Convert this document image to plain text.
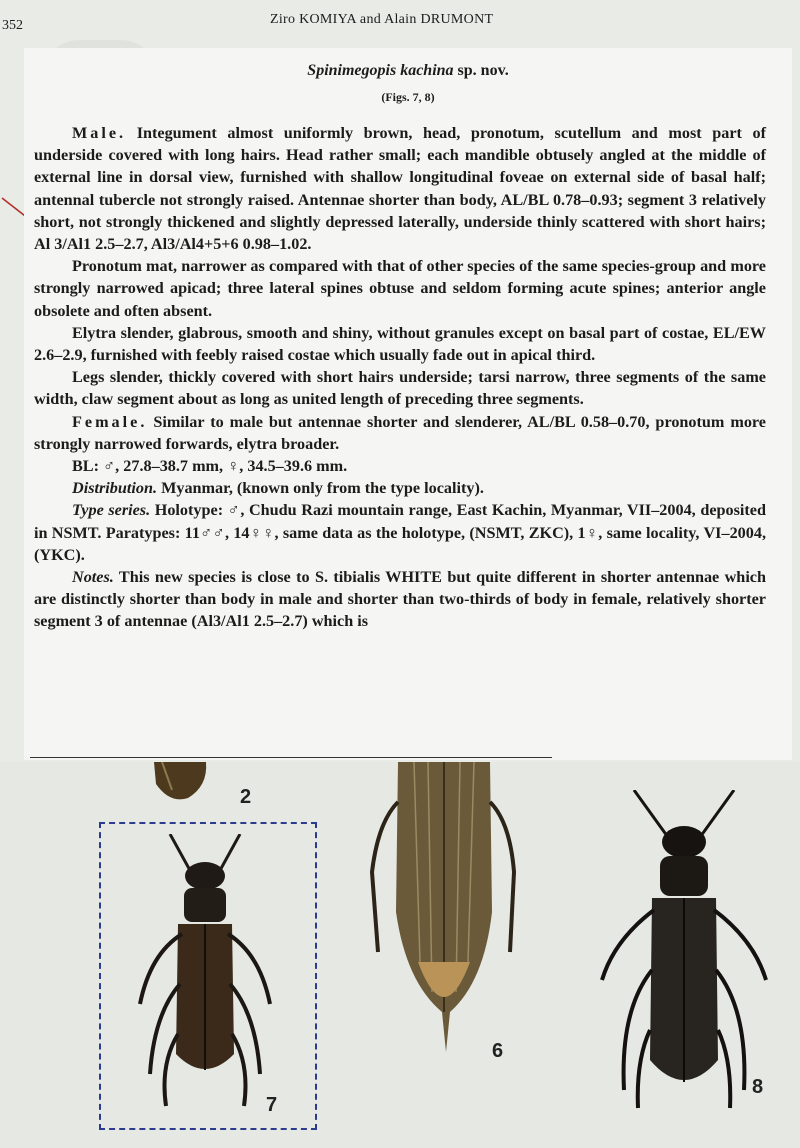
352	Ziro KOMIYA and Alain DRUMONT
Spinimegopis kachina sp. nov.
(Figs. 7, 8)

Male. Integument almost uniformly brown, head, pronotum, scutellum and most part of underside covered with long hairs. Head rather small; each mandible obtusely angled at the middle of external line in dorsal view, furnished with shallow longitudinal foveae on external side of basal half; antennal tubercle not strongly raised. Antennae shorter than body, AL/BL 0.78–0.93; segment 3 relatively short, not strongly thickened and slightly depressed laterally, underside thinly scattered with short hairs; Al 3/Al1 2.5–2.7, Al3/Al4+5+6 0.98–1.02.

Pronotum mat, narrower as compared with that of other species of the same species-group and more strongly narrowed apicad; three lateral spines obtuse and seldom forming acute spines; anterior angle obsolete and often absent.

Elytra slender, glabrous, smooth and shiny, without granules except on basal part of costae, EL/EW 2.6–2.9, furnished with feebly raised costae which usually fade out in apical third.

Legs slender, thickly covered with short hairs underside; tarsi narrow, three segments of the same width, claw segment about as long as united length of preceding three segments.

Female. Similar to male but antennae shorter and slenderer, AL/BL 0.58–0.70, pronotum more strongly narrowed forwards, elytra broader.

BL: ♂, 27.8–38.7 mm, ♀, 34.5–39.6 mm.

Distribution. Myanmar, (known only from the type locality).

Type series. Holotype: ♂, Chudu Razi mountain range, East Kachin, Myanmar, VII–2004, deposited in NSMT. Paratypes: 11♂♂, 14♀♀, same data as the holotype, (NSMT, ZKC), 1♀, same locality, VI–2004, (YKC).

Notes. This new species is close to S. tibialis WHITE but quite different in shorter antennae which are distinctly shorter than body in male and shorter than two-thirds of body in female, relatively shorter segment 3 of antennae (Al3/Al1 2.5–2.7) which is

2
6
7
8
